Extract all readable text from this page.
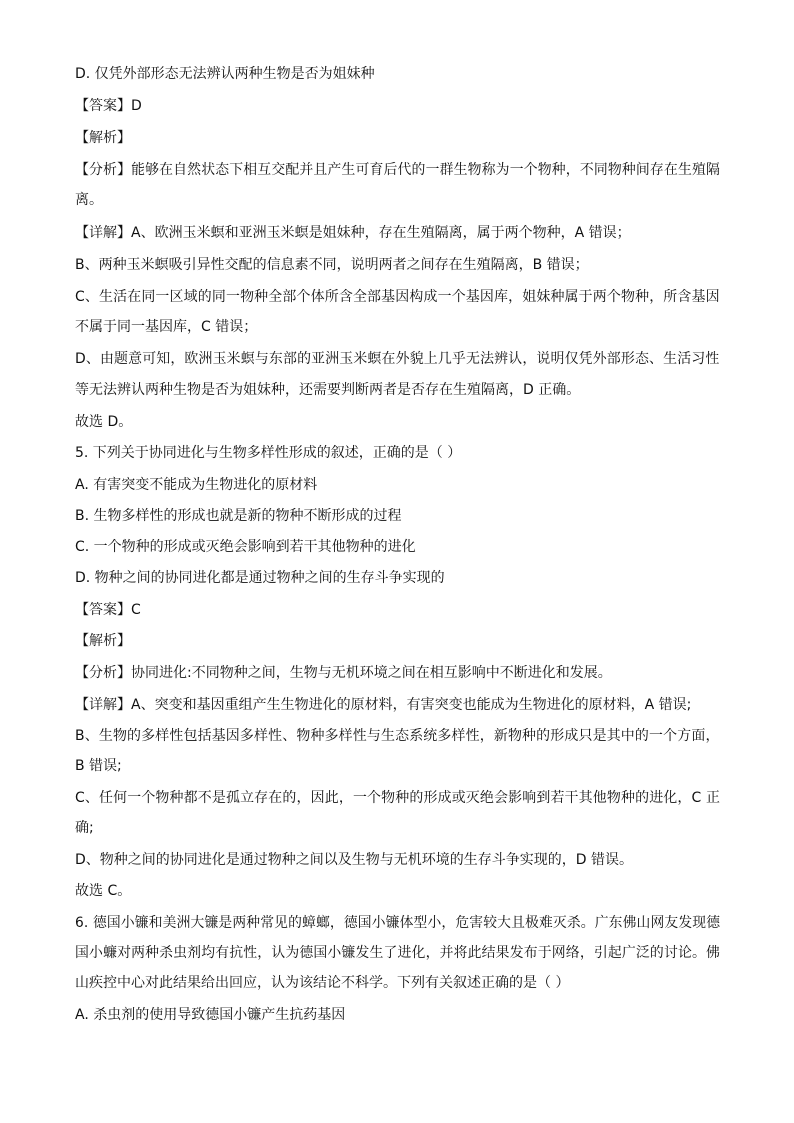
D. 仅凭外部形态无法辨认两种生物是否为姐妹种
【答案】D
【解析】
【分析】能够在自然状态下相互交配并且产生可育后代的一群生物称为一个物种，不同物种间存在生殖隔
离。
【详解】A、欧洲玉米螟和亚洲玉米螟是姐妹种，存在生殖隔离，属于两个物种，A 错误；
B、两种玉米螟吸引异性交配的信息素不同，说明两者之间存在生殖隔离，B 错误；
C、生活在同一区域的同一物种全部个体所含全部基因构成一个基因库，姐妹种属于两个物种，所含基因
不属于同一基因库，C 错误；
D、由题意可知，欧洲玉米螟与东部的亚洲玉米螟在外貌上几乎无法辨认，说明仅凭外部形态、生活习性
等无法辨认两种生物是否为姐妹种，还需要判断两者是否存在生殖隔离，D 正确。
故选 D。
5. 下列关于协同进化与生物多样性形成的叙述，正确的是（ ）
A. 有害突变不能成为生物进化的原材料
B. 生物多样性的形成也就是新的物种不断形成的过程
C. 一个物种的形成或灭绝会影响到若干其他物种的进化
D. 物种之间的协同进化都是通过物种之间的生存斗争实现的
【答案】C
【解析】
【分析】协同进化:不同物种之间，生物与无机环境之间在相互影响中不断进化和发展。
【详解】A、突变和基因重组产生生物进化的原材料，有害突变也能成为生物进化的原材料，A 错误;
B、生物的多样性包括基因多样性、物种多样性与生态系统多样性，新物种的形成只是其中的一个方面，
B 错误;
C、任何一个物种都不是孤立存在的，因此，一个物种的形成或灭绝会影响到若干其他物种的进化，C 正
确;
D、物种之间的协同进化是通过物种之间以及生物与无机环境的生存斗争实现的，D 错误。
故选 C。
6. 德国小镰和美洲大镰是两种常见的蟑螂，德国小镰体型小，危害较大且极难灭杀。广东佛山网友发现德
国小蠊对两种杀虫剂均有抗性，认为德国小镰发生了进化，并将此结果发布于网络，引起广泛的讨论。佛
山疾控中心对此结果给出回应，认为该结论不科学。下列有关叙述正确的是（ ）
A. 杀虫剂的使用导致德国小镰产生抗药基因
